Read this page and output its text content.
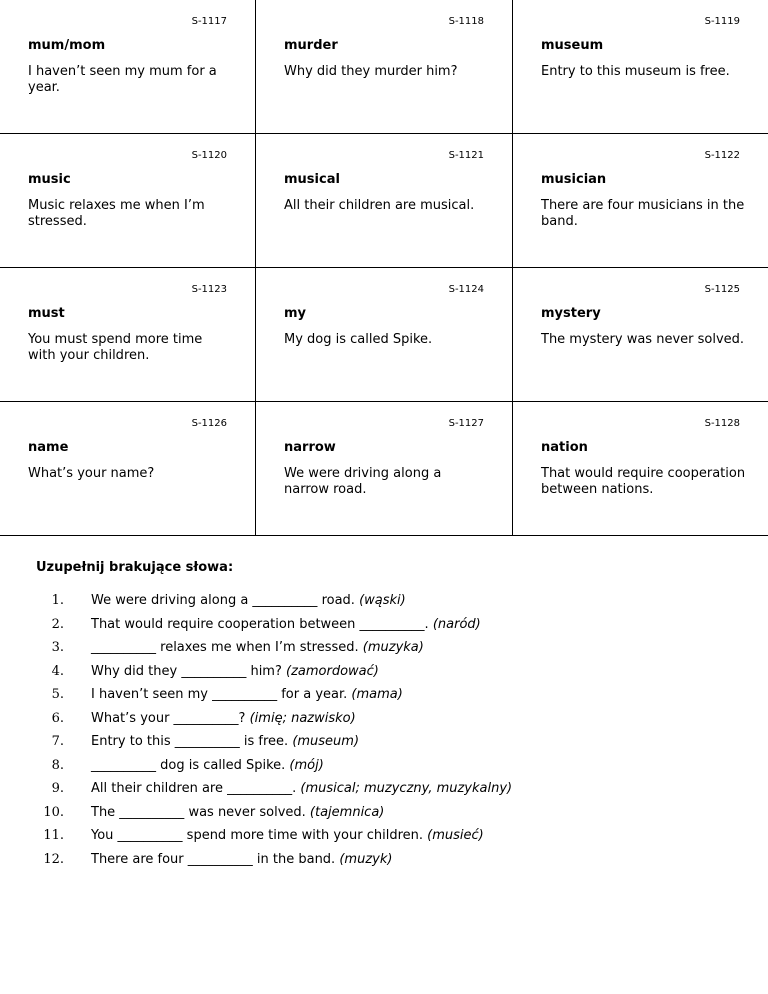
S-1117
mum/mom
I haven’t seen my mum for a year.
S-1118
murder
Why did they murder him?
S-1119
museum
Entry to this museum is free.
S-1120
music
Music relaxes me when I’m stressed.
S-1121
musical
All their children are musical.
S-1122
musician
There are four musicians in the band.
S-1123
must
You must spend more time with your children.
S-1124
my
My dog is called Spike.
S-1125
mystery
The mystery was never solved.
S-1126
name
What’s your name?
S-1127
narrow
We were driving along a narrow road.
S-1128
nation
That would require cooperation between nations.

Uzupełnij brakujące słowa:

1. We were driving along a __________ road. (wąski)
2. That would require cooperation between __________. (naród)
3. __________ relaxes me when I’m stressed. (muzyka)
4. Why did they __________ him? (zamordować)
5. I haven’t seen my __________ for a year. (mama)
6. What’s your __________? (imię; nazwisko)
7. Entry to this __________ is free. (museum)
8. __________ dog is called Spike. (mój)
9. All their children are __________. (musical; muzyczny, muzykalny)
10. The __________ was never solved. (tajemnica)
11. You __________ spend more time with your children. (musieć)
12. There are four __________ in the band. (muzyk)
